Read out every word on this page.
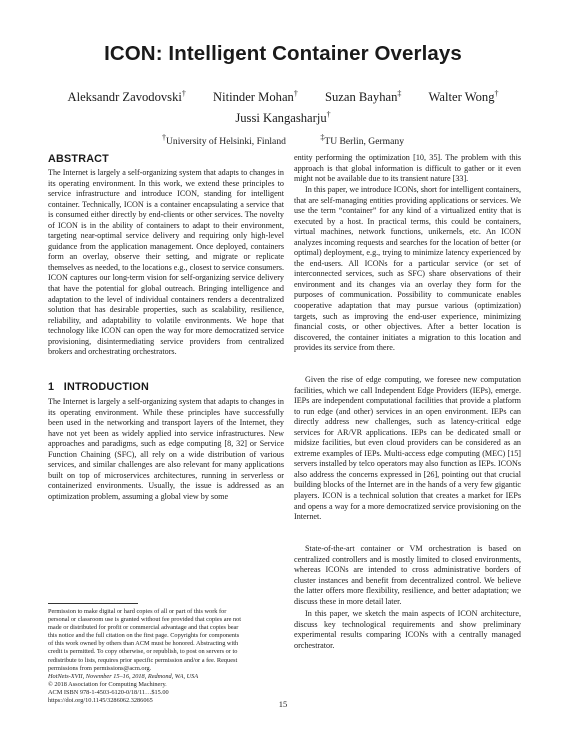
ICON: Intelligent Container Overlays
Aleksandr Zavodovski† Nitinder Mohan† Suzan Bayhan‡ Walter Wong†
Jussi Kangasharju†
†University of Helsinki, Finland	‡TU Berlin, Germany
ABSTRACT
The Internet is largely a self-organizing system that adapts to changes in its operating environment. In this work, we extend these principles to service infrastructure and introduce ICON, standing for intelligent container. Technically, ICON is a container encapsulating a service that is consumed either directly by end-clients or other services. The novelty of ICON is in the ability of containers to adapt to their environment, targeting near-optimal service delivery and requiring only high-level guidance from the application management. Once deployed, containers form an overlay, observe their setting, and migrate or replicate themselves as needed, to the locations e.g., closest to service consumers. ICON captures our long-term vision for self-organizing service delivery that have the potential for global outreach. Bringing intelligence and adaptation to the level of individual containers renders a decentralized solution that has desirable properties, such as scalability, resilience, reliability, and adaptability to volatile environments. We hope that technology like ICON can open the way for more democratized service provisioning, disintermediating service providers from centralized brokers and orchestrating orchestrators.
1   INTRODUCTION
The Internet is largely a self-organizing system that adapts to changes in its operating environment. While these principles have successfully been used in the networking and transport layers of the Internet, they have not yet been as widely applied into service infrastructures. New approaches and paradigms, such as edge computing [8, 32] or Service Function Chaining (SFC), all rely on a wide distribution of various services, and similar challenges are also relevant for many applications built on top of microservices architectures, running in serverless or containerized environments. Usually, the issue is addressed as an optimization problem, assuming a global view by some
Permission to make digital or hard copies of all or part of this work for
personal or classroom use is granted without fee provided that copies are not
made or distributed for profit or commercial advantage and that copies bear
this notice and the full citation on the first page. Copyrights for components
of this work owned by others than ACM must be honored. Abstracting with
credit is permitted. To copy otherwise, or republish, to post on servers or to
redistribute to lists, requires prior specific permission and/or a fee. Request
permissions from permissions@acm.org.
HotNets-XVII, November 15–16, 2018, Redmond, WA, USA
© 2018 Association for Computing Machinery.
ACM ISBN 978-1-4503-6120-0/18/11…$15.00
https://doi.org/10.1145/3286062.3286065
entity performing the optimization [10, 35]. The problem with this approach is that global information is difficult to gather or it even might not be available due to its transient nature [33].
In this paper, we introduce ICONs, short for intelligent containers, that are self-managing entities providing applications or services. We use the term “container” for any kind of a virtualized entity that is executed by a host. In practical terms, this could be containers, virtual machines, network functions, unikernels, etc. An ICON analyzes incoming requests and searches for the location of better (or optimal) deployment, e.g., trying to minimize latency experienced by the end-users. All ICONs for a particular service (or set of interconnected services, such as SFC) share observations of their environment and its changes via an overlay they form for the purposes of communication. Possibility to communicate enables cooperative adaptation that may pursue various (optimization) targets, such as improving the end-user experience, minimizing financial costs, or other objectives. After a better location is discovered, the container initiates a migration to this location and provides its service from there.
Given the rise of edge computing, we foresee new computation facilities, which we call Independent Edge Providers (IEPs), emerge. IEPs are independent computational facilities that provide a platform to run edge (and other) services in an open environment. IEPs can directly address new challenges, such as latency-critical edge services for AR/VR applications. IEPs can be dedicated small or midsize facilities, but even cloud providers can be considered as an extreme examples of IEPs. Multi-access edge computing (MEC) [15] servers installed by telco operators may also function as IEPs. ICONs also address the concerns expressed in [26], pointing out that crucial building blocks of the Internet are in the hands of a very few gigantic players. ICON is a technical solution that creates a market for IEPs and opens a way for a more democratized service provisioning on the Internet.
State-of-the-art container or VM orchestration is based on centralized controllers and is mostly limited to closed environments, whereas ICONs are intended to cross administrative borders of cluster instances and benefit from decentralized control. We believe the latter offers more flexibility, resilience, and better adaptation; we discuss these in more detail later.
In this paper, we sketch the main aspects of ICON architecture, discuss key technological requirements and show preliminary experimental results comparing ICONs with a centrally managed orchestrator.
15
